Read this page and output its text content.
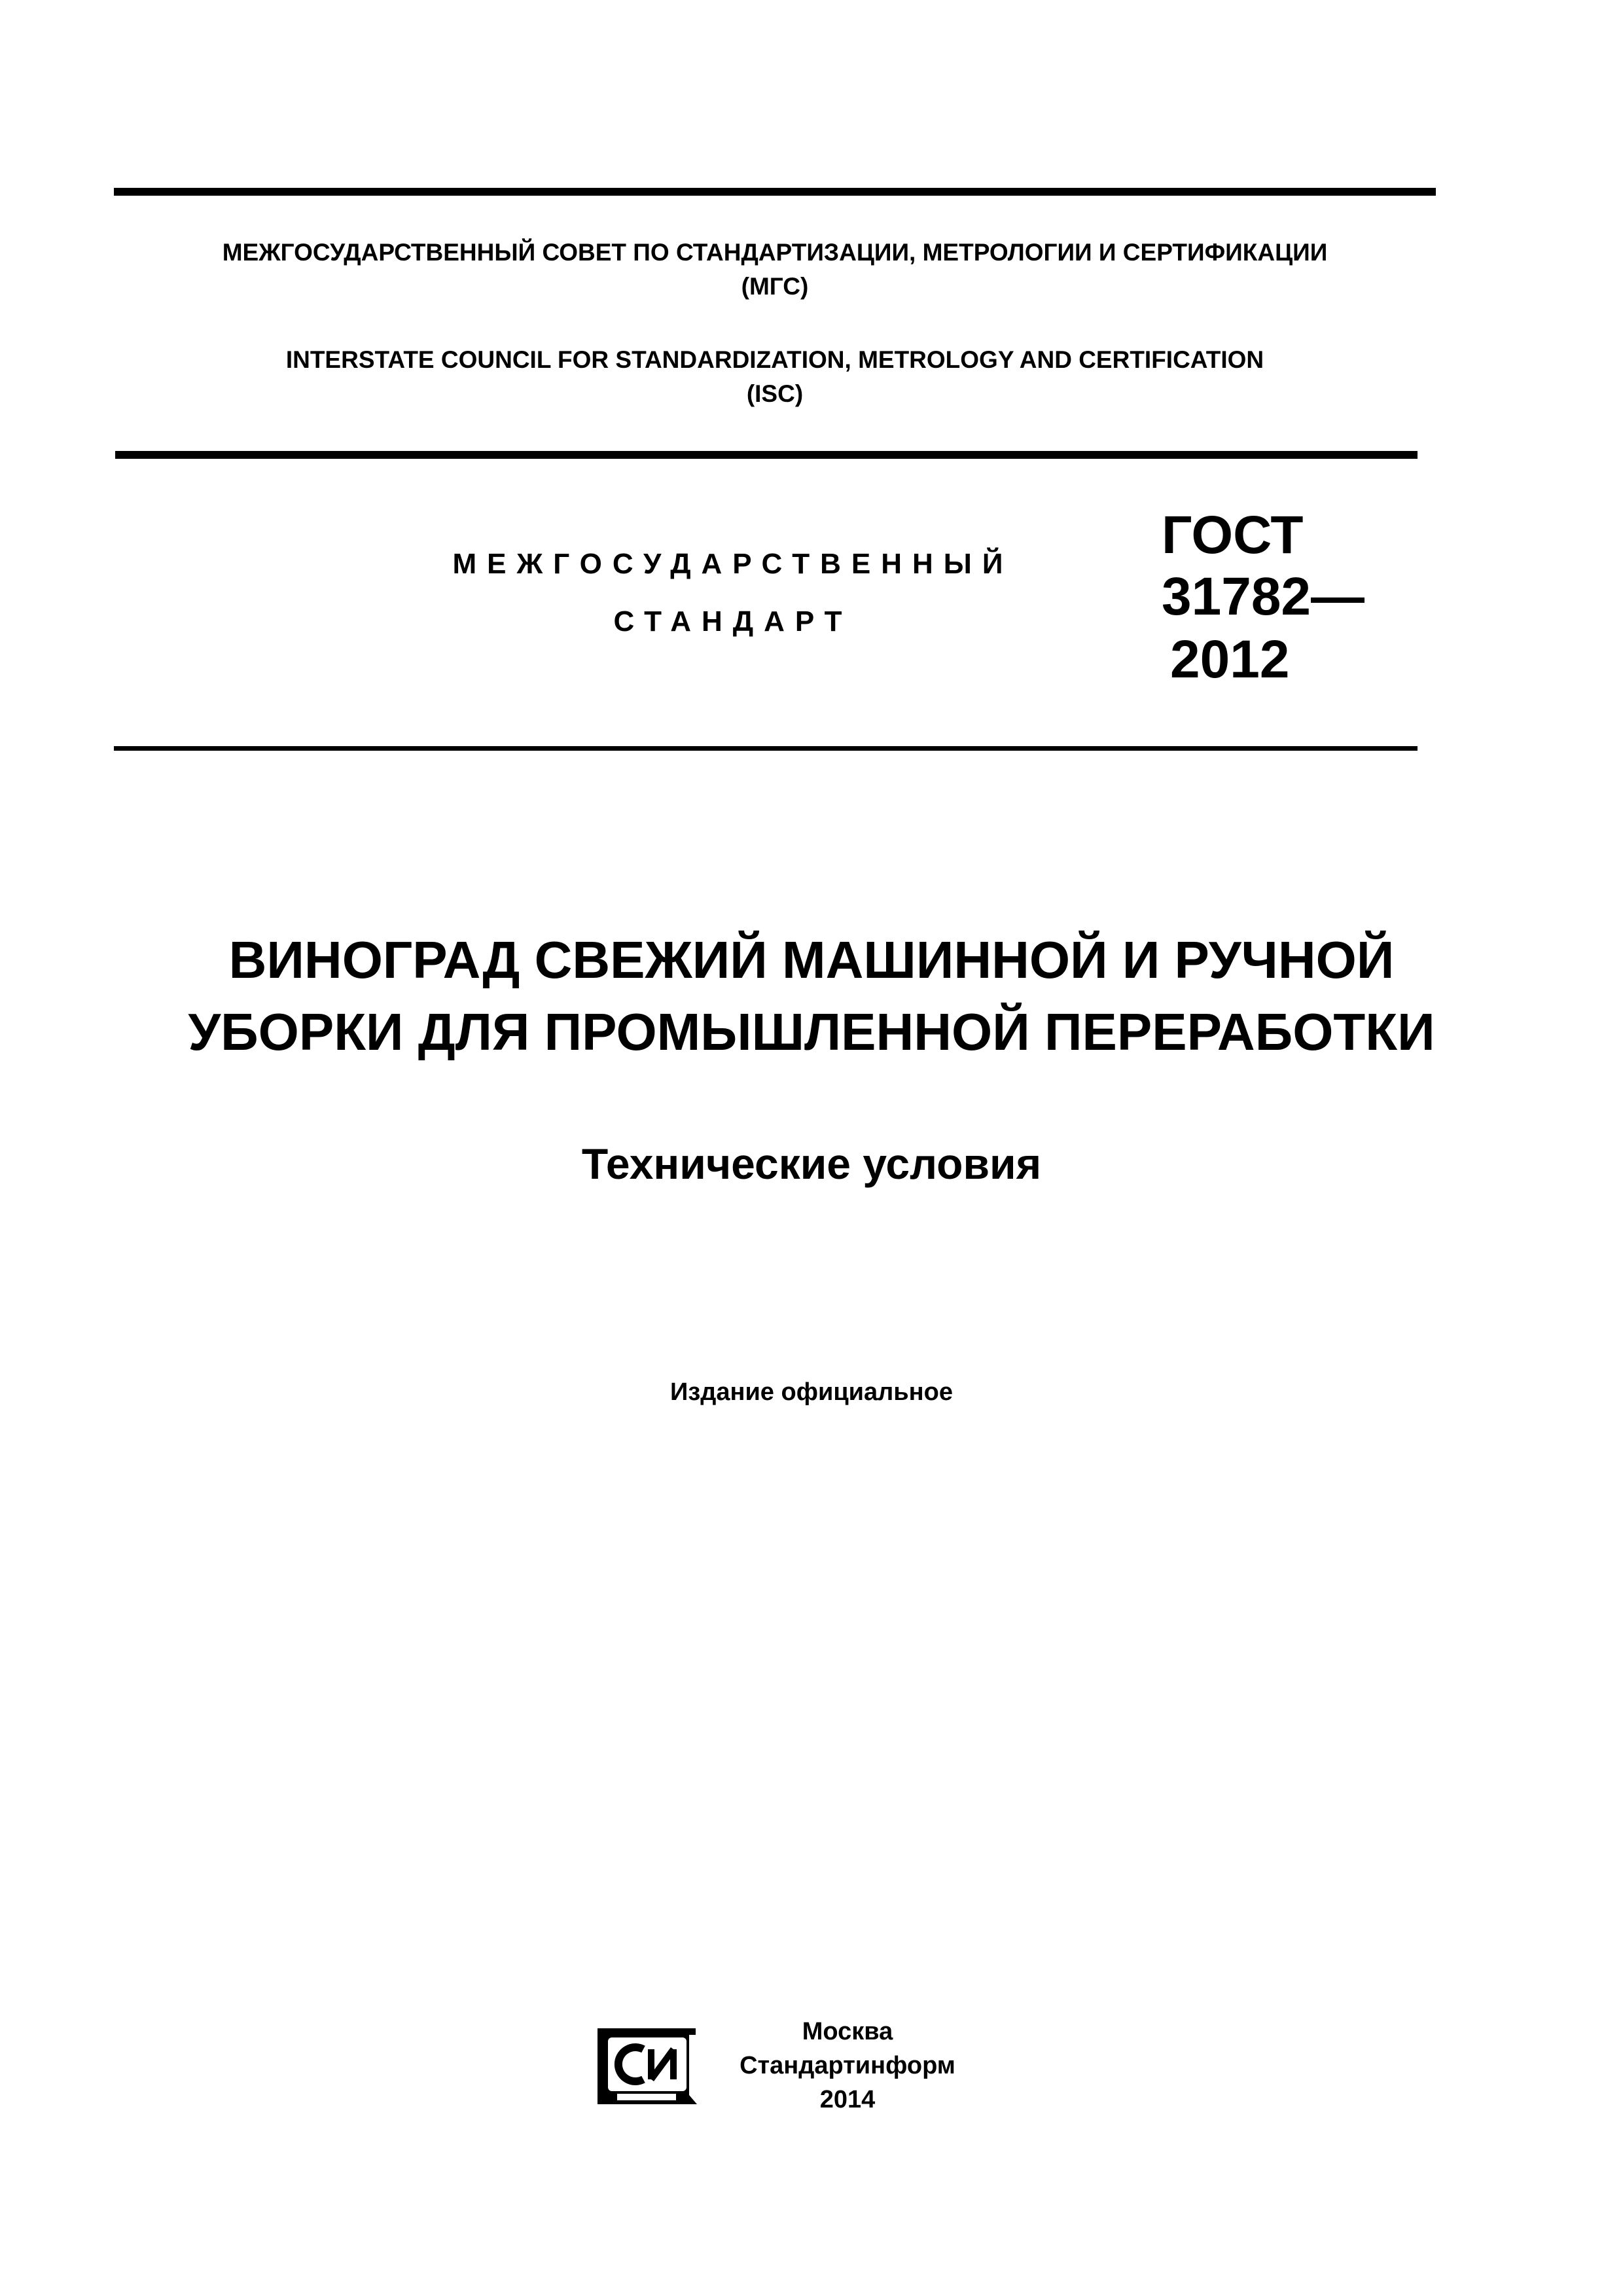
МЕЖГОСУДАРСТВЕННЫЙ СОВЕТ ПО СТАНДАРТИЗАЦИИ, МЕТРОЛОГИИ И СЕРТИФИКАЦИИ
(МГС)
INTERSTATE COUNCIL FOR STANDARDIZATION, METROLOGY AND CERTIFICATION
(ISC)
МЕЖГОСУДАРСТВЕННЫЙ
СТАНДАРТ
ГОСТ
31782—
2012
ВИНОГРАД СВЕЖИЙ МАШИННОЙ И РУЧНОЙ
УБОРКИ ДЛЯ ПРОМЫШЛЕННОЙ ПЕРЕРАБОТКИ
Технические условия
Издание официальное
Москва
Стандартинформ
2014
